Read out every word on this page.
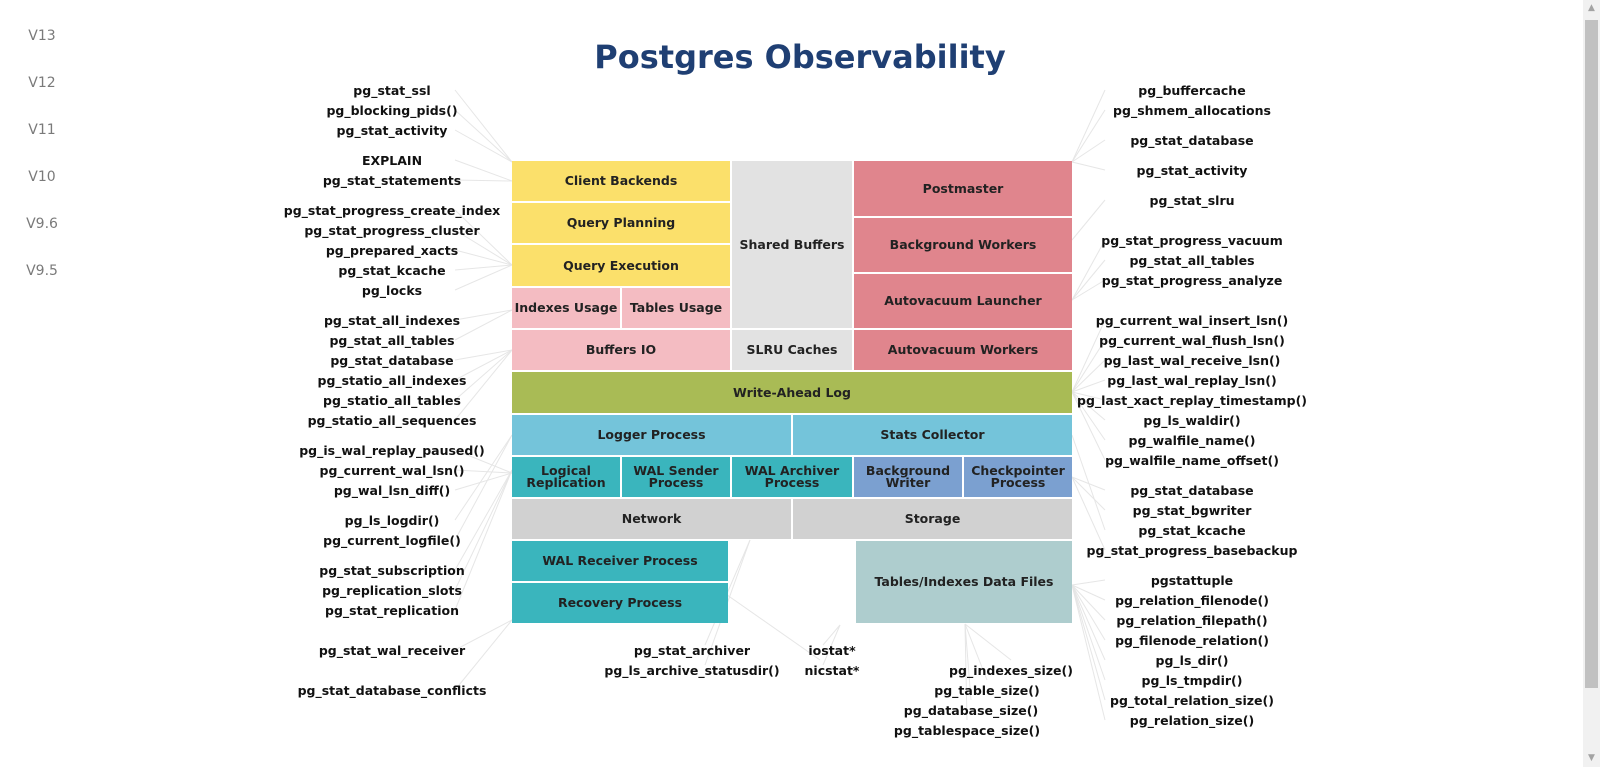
V13
V12
V11
V10
V9.6
V9.5
Postgres Observability
Client Backends
Query Planning
Query Execution
Indexes Usage Tables Usage
Buffers IO
Shared Buffers
SLRU Caches
Postmaster
Background Workers
Autovacuum Launcher
Autovacuum Workers
Write-Ahead Log
Logger Process	Stats Collector
Logical Replication
WAL Sender Process
WAL Archiver Process
Background Writer
Checkpointer Process
Network	Storage
WAL Receiver Process
Recovery Process
Tables/Indexes Data Files
pg_stat_ssl
pg_blocking_pids()
pg_stat_activity
EXPLAIN
pg_stat_statements
pg_stat_progress_create_index
pg_stat_progress_cluster
pg_prepared_xacts
pg_stat_kcache
pg_locks
pg_stat_all_indexes
pg_stat_all_tables
pg_stat_database
pg_statio_all_indexes
pg_statio_all_tables
pg_statio_all_sequences
pg_is_wal_replay_paused()
pg_current_wal_lsn()
pg_wal_lsn_diff()
pg_ls_logdir()
pg_current_logfile()
pg_stat_subscription
pg_replication_slots
pg_stat_replication
pg_stat_wal_receiver
pg_stat_database_conflicts
pg_buffercache
pg_shmem_allocations
pg_stat_database
pg_stat_activity
pg_stat_slru
pg_stat_progress_vacuum
pg_stat_all_tables
pg_stat_progress_analyze
pg_current_wal_insert_lsn()
pg_current_wal_flush_lsn()
pg_last_wal_receive_lsn()
pg_last_wal_replay_lsn()
pg_last_xact_replay_timestamp()
pg_ls_waldir()
pg_walfile_name()
pg_walfile_name_offset()
pg_stat_database
pg_stat_bgwriter
pg_stat_kcache
pg_stat_progress_basebackup
pgstattuple
pg_relation_filenode()
pg_relation_filepath()
pg_filenode_relation()
pg_ls_dir()
pg_ls_tmpdir()
pg_total_relation_size()
pg_relation_size()
pg_stat_archiver
pg_ls_archive_statusdir()
iostat*
nicstat*	pg_indexes_size()
pg_table_size()
pg_database_size()
pg_tablespace_size()
▲
▼
